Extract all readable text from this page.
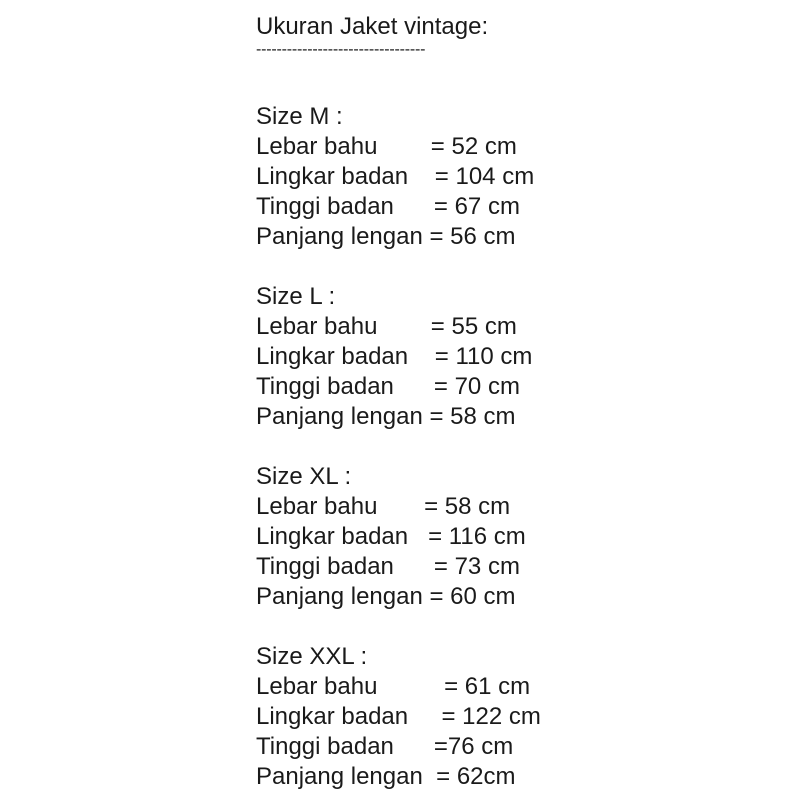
Ukuran Jaket vintage:
---------------------------------
Size M :
Lebar bahu        = 52 cm
Lingkar badan    = 104 cm
Tinggi badan      = 67 cm
Panjang lengan = 56 cm
Size L :
Lebar bahu        = 55 cm
Lingkar badan    = 110 cm
Tinggi badan      = 70 cm
Panjang lengan = 58 cm
Size XL :
Lebar bahu       = 58 cm
Lingkar badan   = 116 cm
Tinggi badan      = 73 cm
Panjang lengan = 60 cm
Size XXL :
Lebar bahu          = 61 cm
Lingkar badan     = 122 cm
Tinggi badan      =76 cm
Panjang lengan  = 62cm
